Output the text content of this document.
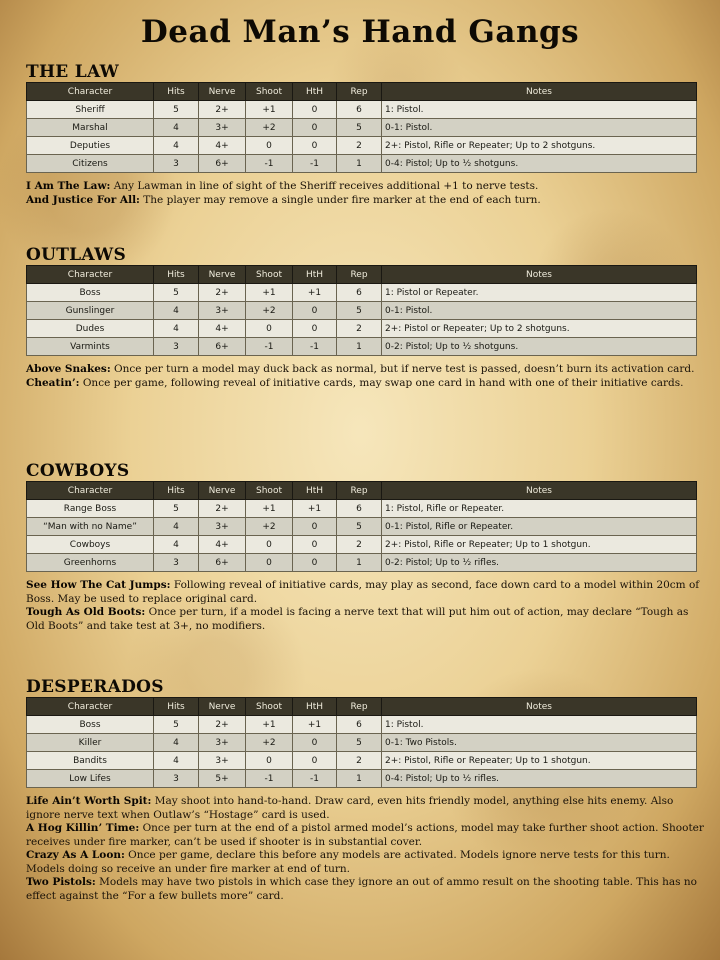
Dead Man’s Hand Gangs
THE LAW
Character	Hits	Nerve	Shoot	HtH	Rep	Notes
Sheriff	5	2+	+1	0	6	1: Pistol.
Marshal	4	3+	+2	0	5	0-1: Pistol.
Deputies	4	4+	0	0	2	2+: Pistol, Rifle or Repeater; Up to 2 shotguns.
Citizens	3	6+	-1	-1	1	0-4: Pistol; Up to ½ shotguns.

I Am The Law: Any Lawman in line of sight of the Sheriff receives additional +1 to nerve tests.

And Justice For All: The player may remove a single under fire marker at the end of each turn.

OUTLAWS
Character	Hits	Nerve	Shoot	HtH	Rep	Notes
Boss	5	2+	+1	+1	6	1: Pistol or Repeater.
Gunslinger	4	3+	+2	0	5	0-1: Pistol.
Dudes	4	4+	0	0	2	2+: Pistol or Repeater; Up to 2 shotguns.
Varmints	3	6+	-1	-1	1	0-2: Pistol; Up to ½ shotguns.

Above Snakes: Once per turn a model may duck back as normal, but if nerve test is passed, doesn’t burn its activation card.

Cheatin’: Once per game, following reveal of initiative cards, may swap one card in hand with one of their initiative cards.

COWBOYS
Character	Hits	Nerve	Shoot	HtH	Rep	Notes
Range Boss	5	2+	+1	+1	6	1: Pistol, Rifle or Repeater.
“Man with no Name”	4	3+	+2	0	5	0-1: Pistol, Rifle or Repeater.
Cowboys	4	4+	0	0	2	2+: Pistol, Rifle or Repeater; Up to 1 shotgun.
Greenhorns	3	6+	0	0	1	0-2: Pistol; Up to ½ rifles.

See How The Cat Jumps: Following reveal of initiative cards, may play as second, face down card to a model within 20cm of Boss. May be used to replace original card.

Tough As Old Boots: Once per turn, if a model is facing a nerve text that will put him out of action, may declare “Tough as Old Boots” and take test at 3+, no modifiers.

DESPERADOS
Character	Hits	Nerve	Shoot	HtH	Rep	Notes
Boss	5	2+	+1	+1	6	1: Pistol.
Killer	4	3+	+2	0	5	0-1: Two Pistols.
Bandits	4	3+	0	0	2	2+: Pistol, Rifle or Repeater; Up to 1 shotgun.
Low Lifes	3	5+	-1	-1	1	0-4: Pistol; Up to ½ rifles.

Life Ain’t Worth Spit: May shoot into hand-to-hand. Draw card, even hits friendly model, anything else hits enemy. Also ignore nerve text when Outlaw’s “Hostage” card is used.

A Hog Killin’ Time: Once per turn at the end of a pistol armed model’s actions, model may take further shoot action. Shooter receives under fire marker, can’t be used if shooter is in substantial cover.

Crazy As A Loon: Once per game, declare this before any models are activated. Models ignore nerve tests for this turn. Models doing so receive an under fire marker at end of turn.

Two Pistols: Models may have two pistols in which case they ignore an out of ammo result on the shooting table. This has no effect against the “For a few bullets more” card.
